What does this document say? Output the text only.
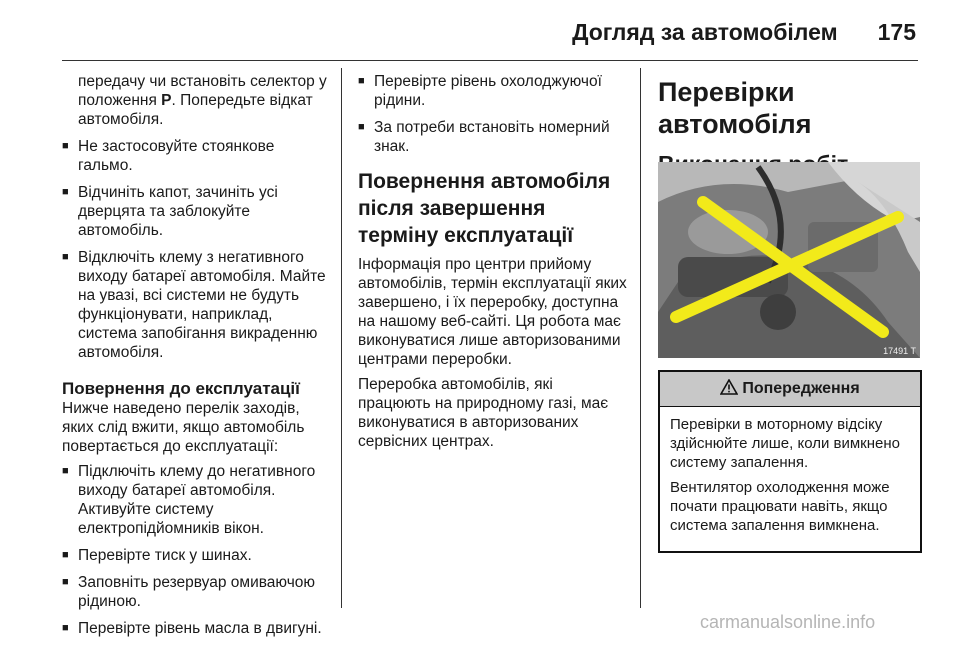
Догляд за автомобілем 175

передачу чи встановіть селектор у положення P. Попередьте відкат автомобіля.

■ Не застосовуйте стоянкове гальмо.
■ Відчиніть капот, зачиніть усі дверцята та заблокуйте автомобіль.
■ Відключіть клему з негативного виходу батареї автомобіля. Майте на увазі, всі системи не будуть функціонувати, наприклад, система запобігання викраденню автомобіля.
Повернення до експлуатації

Нижче наведено перелік заходів, яких слід вжити, якщо автомобіль повертається до експлуатації:

■ Підключіть клему до негативного виходу батареї автомобіля. Активуйте систему електропідйомників вікон.
■ Перевірте тиск у шинах.
■ Заповніть резервуар омиваючою рідиною.
■ Перевірте рівень масла в двигуні.
■ Перевірте рівень охолоджуючої рідини.
■ За потреби встановіть номерний знак.
Повернення автомобіля після завершення терміну експлуатації

Інформація про центри прийому автомобілів, термін експлуатації яких завершено, і їх переробку, доступна на нашому веб-сайті. Ця робота має виконуватися лише авторизованими центрами переробки.

Переробка автомобілів, які працюють на природному газі, має виконуватися в авторизованих сервісних центрах.

Перевірки автомобіля
17491 T
Попередження

Перевірки в моторному відсіку здійснюйте лише, коли вимкнено систему запалення.

Вентилятор охолодження може почати працювати навіть, якщо система запалення вимкнена.

carmanualsonline.info
